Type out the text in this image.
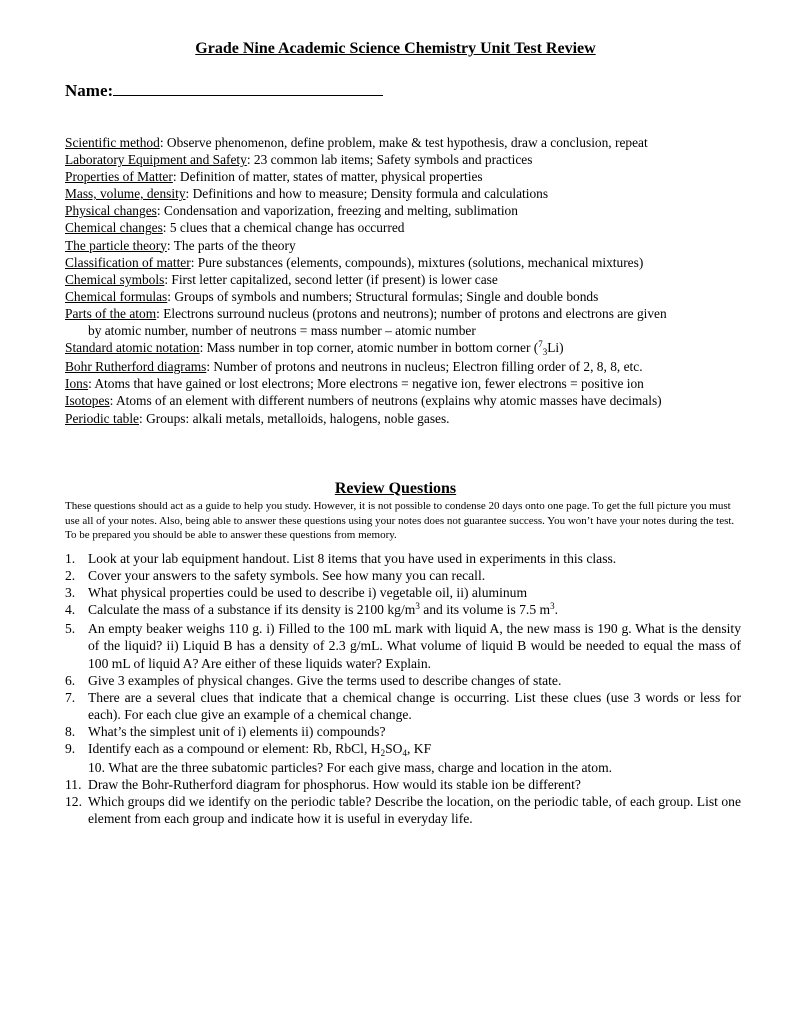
Grade Nine Academic Science Chemistry Unit Test Review
Name:
Scientific method: Observe phenomenon, define problem, make & test hypothesis, draw a conclusion, repeat
Laboratory Equipment and Safety: 23 common lab items; Safety symbols and practices
Properties of Matter: Definition of matter, states of matter, physical properties
Mass, volume, density: Definitions and how to measure; Density formula and calculations
Physical changes: Condensation and vaporization, freezing and melting, sublimation
Chemical changes: 5 clues that a chemical change has occurred
The particle theory: The parts of the theory
Classification of matter: Pure substances (elements, compounds), mixtures (solutions, mechanical mixtures)
Chemical symbols: First letter capitalized, second letter (if present) is lower case
Chemical formulas: Groups of symbols and numbers; Structural formulas; Single and double bonds
Parts of the atom: Electrons surround nucleus (protons and neutrons); number of protons and electrons are given
by atomic number, number of neutrons = mass number – atomic number
Standard atomic notation: Mass number in top corner, atomic number in bottom corner ($^7_3$Li)
Bohr Rutherford diagrams: Number of protons and neutrons in nucleus; Electron filling order of 2, 8, 8, etc.
Ions: Atoms that have gained or lost electrons; More electrons = negative ion, fewer electrons = positive ion
Isotopes: Atoms of an element with different numbers of neutrons (explains why atomic masses have decimals)
Periodic table: Groups: alkali metals, metalloids, halogens, noble gases.
Review Questions
These questions should act as a guide to help you study. However, it is not possible to condense 20 days onto one page. To get the full picture you must use all of your notes. Also, being able to answer these questions using your notes does not guarantee success. You won’t have your notes during the test. To be prepared you should be able to answer these questions from memory.
1. Look at your lab equipment handout. List 8 items that you have used in experiments in this class.
2. Cover your answers to the safety symbols. See how many you can recall.
3. What physical properties could be used to describe i) vegetable oil, ii) aluminum
4. Calculate the mass of a substance if its density is 2100 $kg/m^3$ and its volume is 7.5 $m^3$.
5. An empty beaker weighs 110 g. i) Filled to the 100 mL mark with liquid A, the new mass is 190 g. What is the density of the liquid? ii) Liquid B has a density of 2.3 g/mL. What volume of liquid B would be needed to equal the mass of 100 mL of liquid A? Are either of these liquids water? Explain.
6. Give 3 examples of physical changes. Give the terms used to describe changes of state.
7. There are a several clues that indicate that a chemical change is occurring. List these clues (use 3 words or less for each). For each clue give an example of a chemical change.
8. What’s the simplest unit of i) elements ii) compounds?
9. Identify each as a compound or element: Rb, RbCl, $H_2SO_4$, KF
10.
What are the three subatomic particles? For each give mass, charge and location in the atom.
11. Draw the Bohr-Rutherford diagram for phosphorus. How would its stable ion be different?
12. Which groups did we identify on the periodic table? Describe the location, on the periodic table, of each group. List one element from each group and indicate how it is useful in everyday life.
